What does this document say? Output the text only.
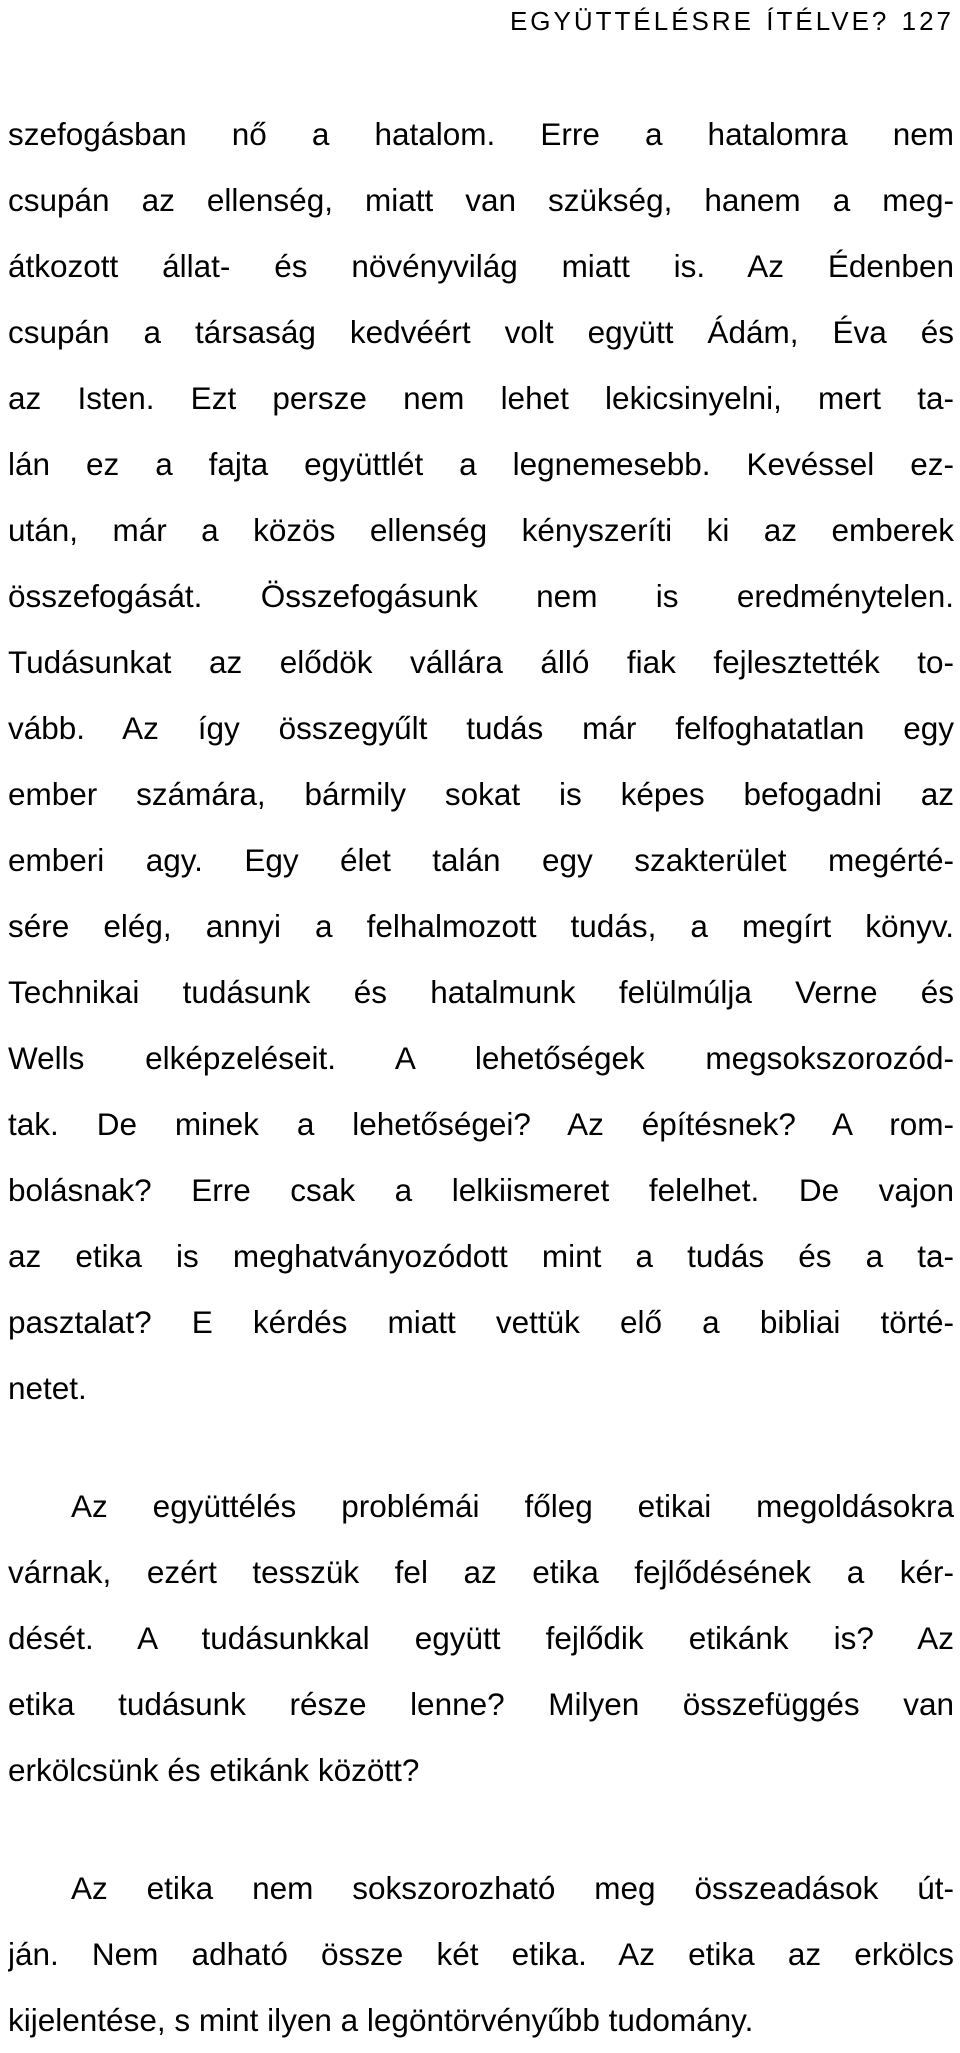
EGYÜTTÉLÉSRE ÍTÉLVE? 127
szefogásban nő a hatalom. Erre a hatalomra nem
csupán az ellenség, miatt van szükség, hanem a meg-
átkozott állat- és növényvilág miatt is. Az Édenben
csupán a társaság kedvéért volt együtt Ádám, Éva és
az Isten. Ezt persze nem lehet lekicsinyelni, mert ta-
lán ez a fajta együttlét a legnemesebb. Kevéssel ez-
után, már a közös ellenség kényszeríti ki az emberek
összefogását. Összefogásunk nem is eredménytelen.
Tudásunkat az elődök vállára álló fiak fejlesztették to-
vább. Az így összegyűlt tudás már felfoghatatlan egy
ember számára, bármily sokat is képes befogadni az
emberi agy. Egy élet talán egy szakterület megérté-
sére elég, annyi a felhalmozott tudás, a megírt könyv.
Technikai tudásunk és hatalmunk felülmúlja Verne és
Wells elképzeléseit. A lehetőségek megsokszorozód-
tak. De minek a lehetőségei? Az építésnek? A rom-
bolásnak? Erre csak a lelkiismeret felelhet. De vajon
az etika is meghatványozódott mint a tudás és a ta-
pasztalat? E kérdés miatt vettük elő a bibliai törté-
netet.
Az együttélés problémái főleg etikai megoldásokra
várnak, ezért tesszük fel az etika fejlődésének a kér-
dését. A tudásunkkal együtt fejlődik etikánk is? Az
etika tudásunk része lenne? Milyen összefüggés van
erkölcsünk és etikánk között?
Az etika nem sokszorozható meg összeadások út-
ján. Nem adható össze két etika. Az etika az erkölcs
kijelentése, s mint ilyen a legöntörvényűbb tudomány.
